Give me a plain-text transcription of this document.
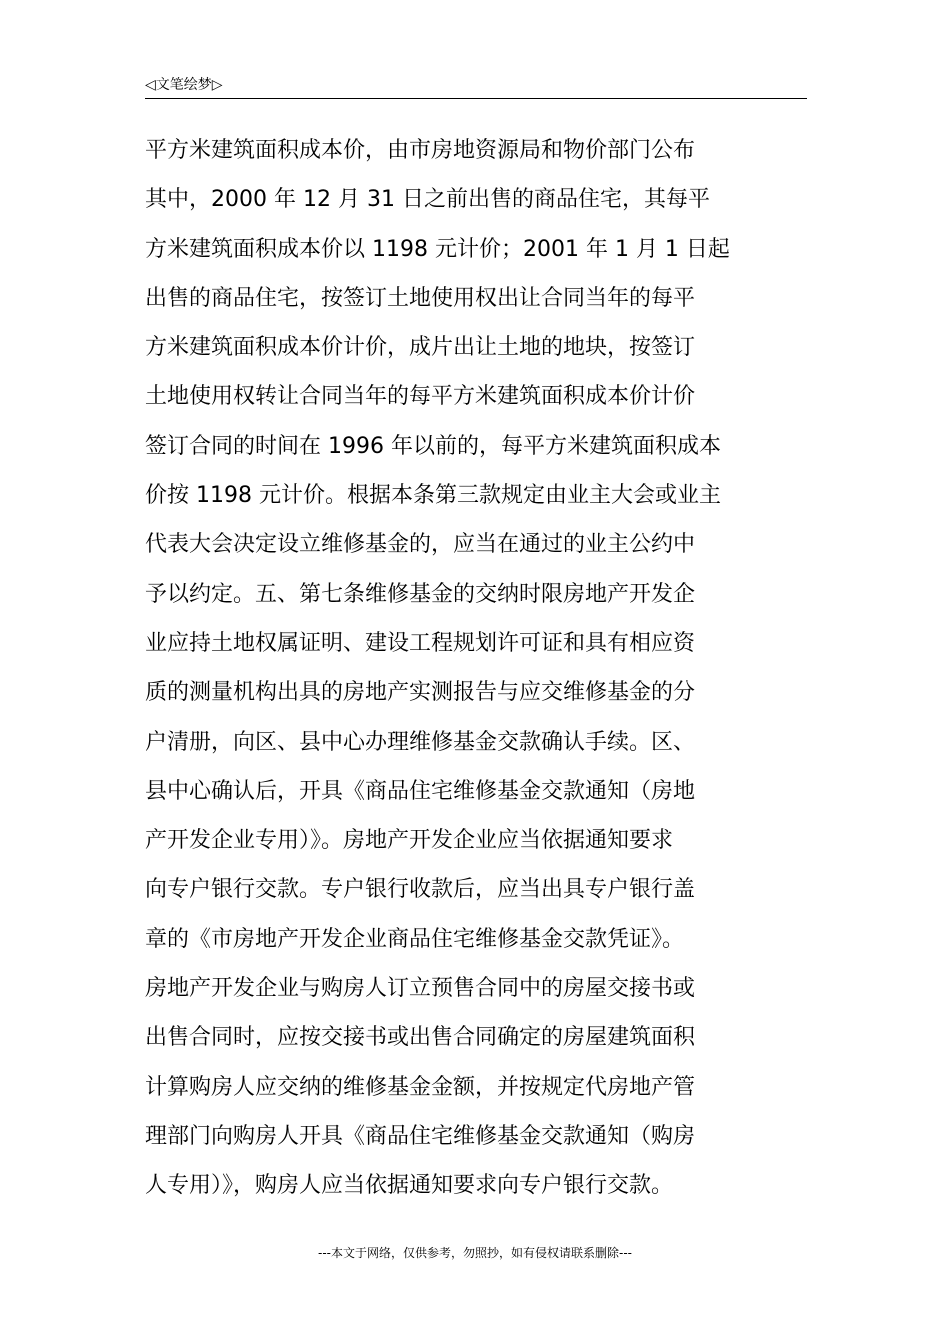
◁文笔绘梦▷
平方米建筑面积成本价，由市房地资源局和物价部门公布
其中，2000 年 12 月 31 日之前出售的商品住宅，其每平
方米建筑面积成本价以 1198 元计价；2001 年 1 月 1 日起
出售的商品住宅，按签订土地使用权出让合同当年的每平
方米建筑面积成本价计价，成片出让土地的地块，按签订
土地使用权转让合同当年的每平方米建筑面积成本价计价
签订合同的时间在 1996 年以前的，每平方米建筑面积成本
价按 1198 元计价。根据本条第三款规定由业主大会或业主
代表大会决定设立维修基金的，应当在通过的业主公约中
予以约定。五、第七条维修基金的交纳时限房地产开发企
业应持土地权属证明、建设工程规划许可证和具有相应资
质的测量机构出具的房地产实测报告与应交维修基金的分
户清册，向区、县中心办理维修基金交款确认手续。区、
县中心确认后，开具《商品住宅维修基金交款通知（房地
产开发企业专用）》。房地产开发企业应当依据通知要求
向专户银行交款。专户银行收款后，应当出具专户银行盖
章的《市房地产开发企业商品住宅维修基金交款凭证》。
房地产开发企业与购房人订立预售合同中的房屋交接书或
出售合同时，应按交接书或出售合同确定的房屋建筑面积
计算购房人应交纳的维修基金金额，并按规定代房地产管
理部门向购房人开具《商品住宅维修基金交款通知（购房
人专用）》，购房人应当依据通知要求向专户银行交款。
---本文于网络，仅供参考，勿照抄，如有侵权请联系删除---
